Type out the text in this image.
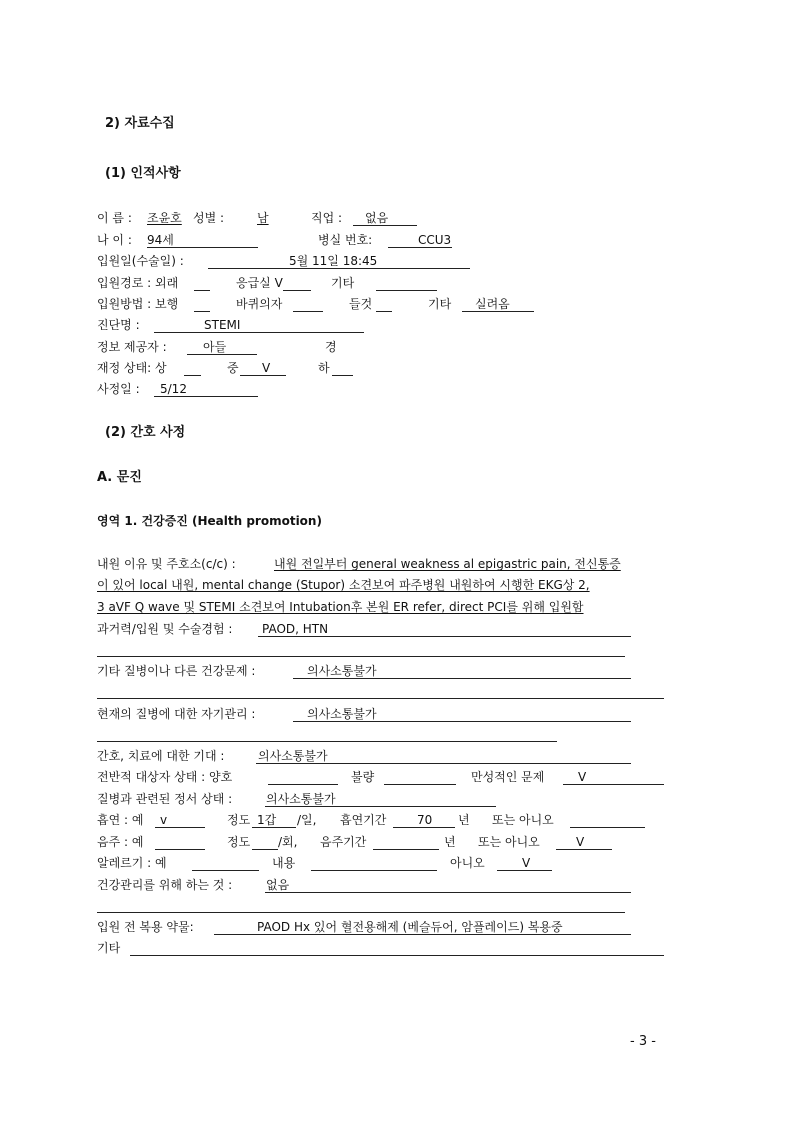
2) 자료수집
(1) 인적사항
이 름 : 조윤호 성별 :	남	직업 : 없음
나 이 : 94세	병실 번호:	CCU3
입원일(수술일) :	5월 11일 18:45
입원경로 : 외래	응급실 V	기타
입원방법 : 보행	바퀴의자	들것	기타 실려옴
진단명 :	STEMI
정보 제공자 :	아들	경
재정 상태: 상	중 V	하
사정일 : 5/12
(2) 간호 사정
A. 문진
영역 1. 건강증진 (Health promotion)
내원 이유 및 주호소(c/c) :	내원 전일부터 general weakness al epigastric pain, 전신통증
이 있어 local 내원, mental change (Stupor) 소견보여 파주병원 내원하여 시행한 EKG상 2,
3 aVF Q wave 및 STEMI 소견보여 Intubation후 본원 ER refer, direct PCI를 위해 입원함
과거력/입원 및 수술경험 : PAOD, HTN
기타 질병이나 다른 건강문제 :	의사소통불가
현재의 질병에 대한 자기관리 :	의사소통불가
간호, 치료에 대한 기대 :	의사소통불가
전반적 대상자 상태 : 양호	불량	만성적인 문제	V
질병과 관련된 정서 상태 :	의사소통불가
흡연 : 예 v	정도 1갑 /일, 흡연기간	70 년 또는 아니오
음주 : 예	정도 /회, 음주기간	년 또는 아니오	V
알레르기 : 예	내용	아니오	V
건강관리를 위해 하는 것 :	없음
입원 전 복용 약물:	PAOD Hx 있어 혈전용해제 (베슬듀어, 암플레이드) 복용중
기타
- 3 -
